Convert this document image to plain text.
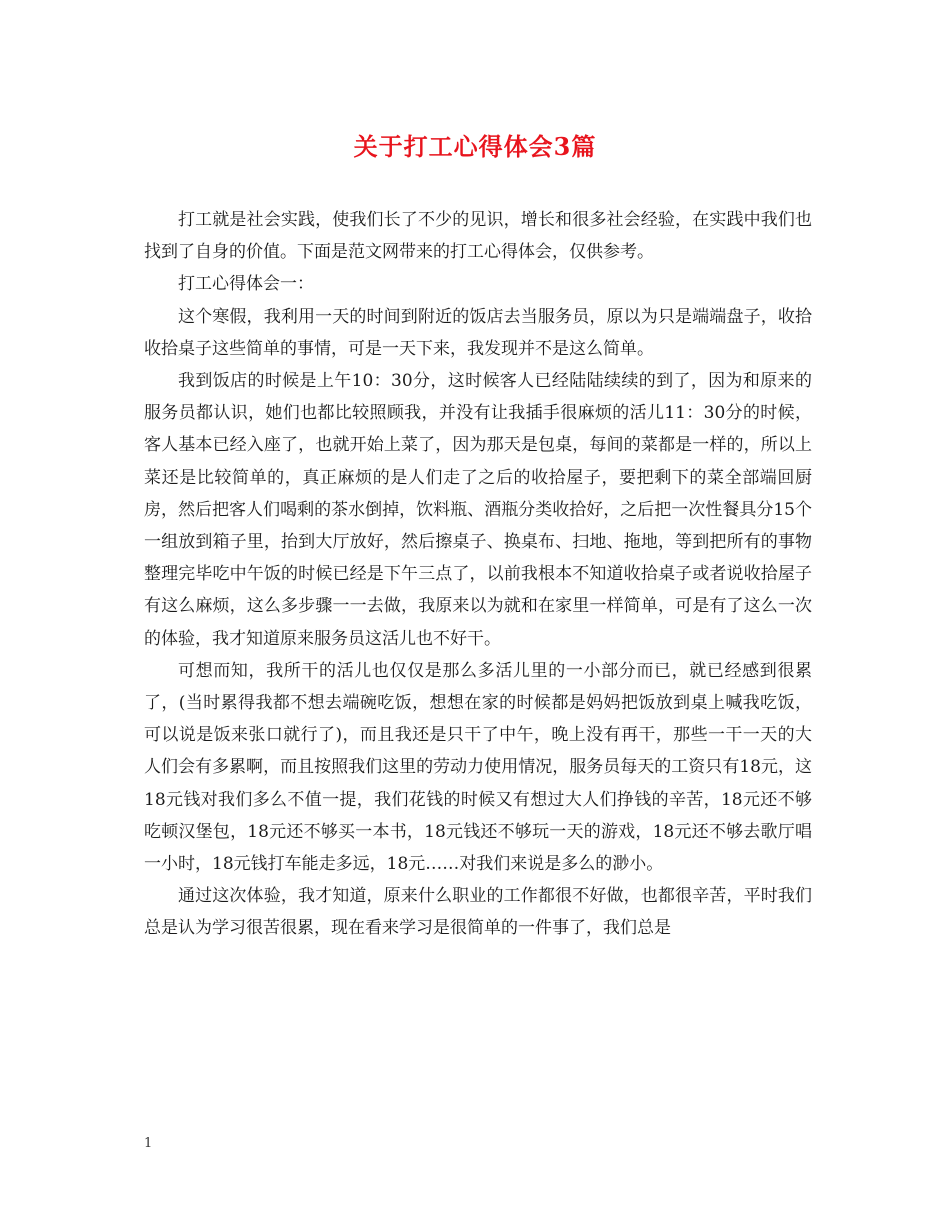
关于打工心得体会3篇

打工就是社会实践，使我们长了不少的见识，增长和很多社会经验，在实践中我们也找到了自身的价值。下面是范文网带来的打工心得体会，仅供参考。

打工心得体会一：

这个寒假，我利用一天的时间到附近的饭店去当服务员，原以为只是端端盘子，收拾收拾桌子这些简单的事情，可是一天下来，我发现并不是这么简单。

我到饭店的时候是上午10：30分，这时候客人已经陆陆续续的到了，因为和原来的服务员都认识，她们也都比较照顾我，并没有让我插手很麻烦的活儿11：30分的时候，客人基本已经入座了，也就开始上菜了，因为那天是包桌，每间的菜都是一样的，所以上菜还是比较简单的，真正麻烦的是人们走了之后的收拾屋子，要把剩下的菜全部端回厨房，然后把客人们喝剩的茶水倒掉，饮料瓶、酒瓶分类收拾好，之后把一次性餐具分15个一组放到箱子里，抬到大厅放好，然后擦桌子、换桌布、扫地、拖地，等到把所有的事物整理完毕吃中午饭的时候已经是下午三点了，以前我根本不知道收拾桌子或者说收拾屋子有这么麻烦，这么多步骤一一去做，我原来以为就和在家里一样简单，可是有了这么一次的体验，我才知道原来服务员这活儿也不好干。

可想而知，我所干的活儿也仅仅是那么多活儿里的一小部分而已，就已经感到很累了，(当时累得我都不想去端碗吃饭，想想在家的时候都是妈妈把饭放到桌上喊我吃饭，可以说是饭来张口就行了)，而且我还是只干了中午，晚上没有再干，那些一干一天的大人们会有多累啊，而且按照我们这里的劳动力使用情况，服务员每天的工资只有18元，这18元钱对我们多么不值一提，我们花钱的时候又有想过大人们挣钱的辛苦，18元还不够吃顿汉堡包，18元还不够买一本书，18元钱还不够玩一天的游戏，18元还不够去歌厅唱一小时，18元钱打车能走多远，18元……对我们来说是多么的渺小。

通过这次体验，我才知道，原来什么职业的工作都很不好做，也都很辛苦，平时我们总是认为学习很苦很累，现在看来学习是很简单的一件事了，我们总是

1
